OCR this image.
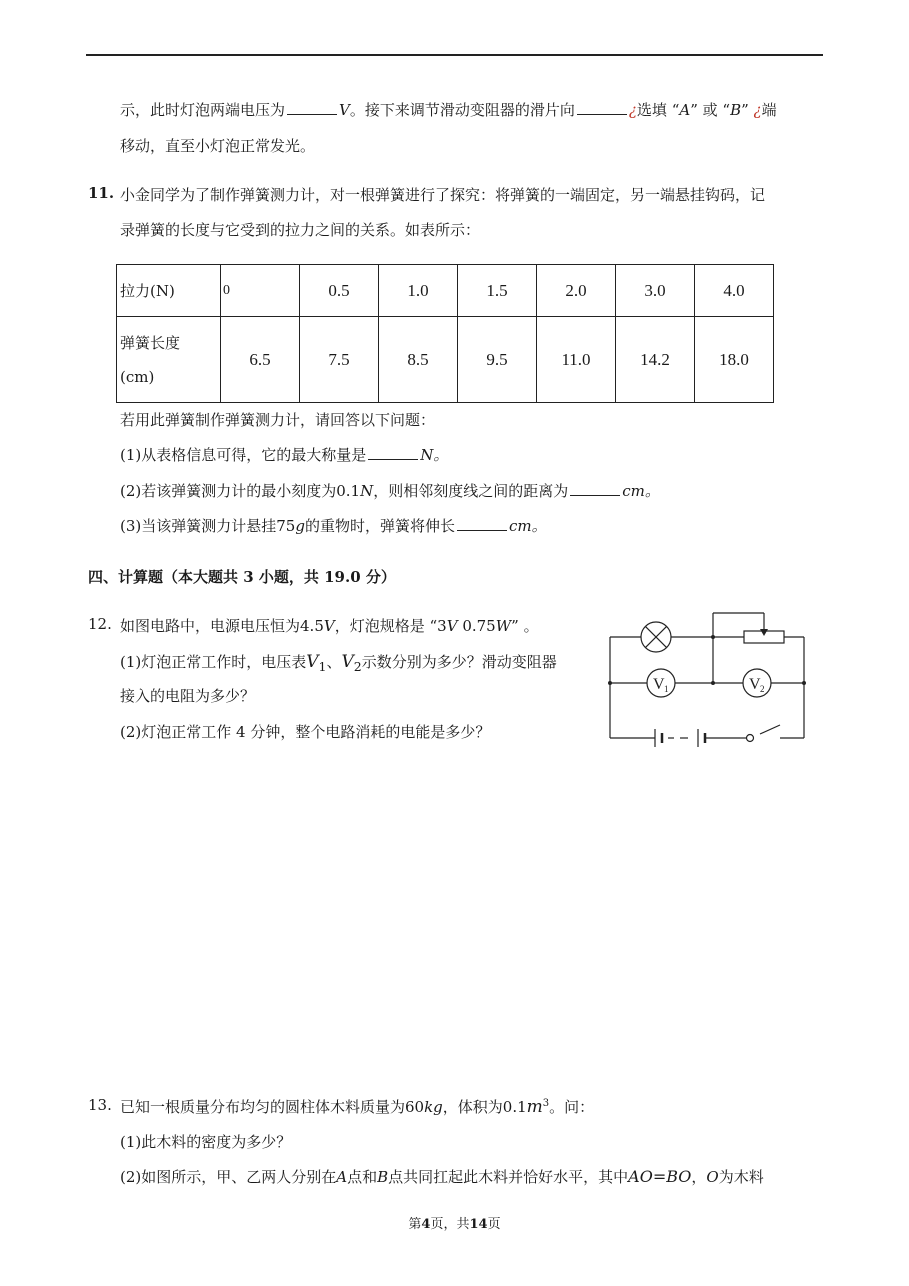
示，此时灯泡两端电压为	V。接下来调节滑动变阻器的滑片向	¿选填 “A” 或 “B” ¿端
移动，直至小灯泡正常发光。
11. 小金同学为了制作弹簧测力计，对一根弹簧进行了探究：将弹簧的一端固定，另一端悬挂钩码，记
录弹簧的长度与它受到的拉力之间的关系。如表所示：
拉力(N)	0	0.5	1.0	1.5	2.0	3.0	4.0

弹簧长度
(cm)	6.5	7.5	8.5	9.5	11.0	14.2	18.0
若用此弹簧制作弹簧测力计，请回答以下问题：
(1)从表格信息可得，它的最大称量是	N。
(2)若该弹簧测力计的最小刻度为0.1N，则相邻刻度线之间的距离为	cm。
(3)当该弹簧测力计悬挂75g的重物时，弹簧将伸长	cm。
四、计算题（本大题共 3 小题，共 19.0 分）
12. 如图电路中，电源电压恒为4.5V，灯泡规格是 “3V 0.75W” 。
(1)灯泡正常工作时，电压表$V_1$、$V_2$示数分别为多少？滑动变阻器
接入的电阻为多少？
(2)灯泡正常工作 4 分钟，整个电路消耗的电能是多少？
V 1	V 2
13. 已知一根质量分布均匀的圆柱体木料质量为60kg，体积为$0.1m^3$。问：
(1)此木料的密度为多少？
(2)如图所示，甲、乙两人分别在A点和B点共同扛起此木料并恰好水平，其中AO=BO，O为木料
第4页，共14页
